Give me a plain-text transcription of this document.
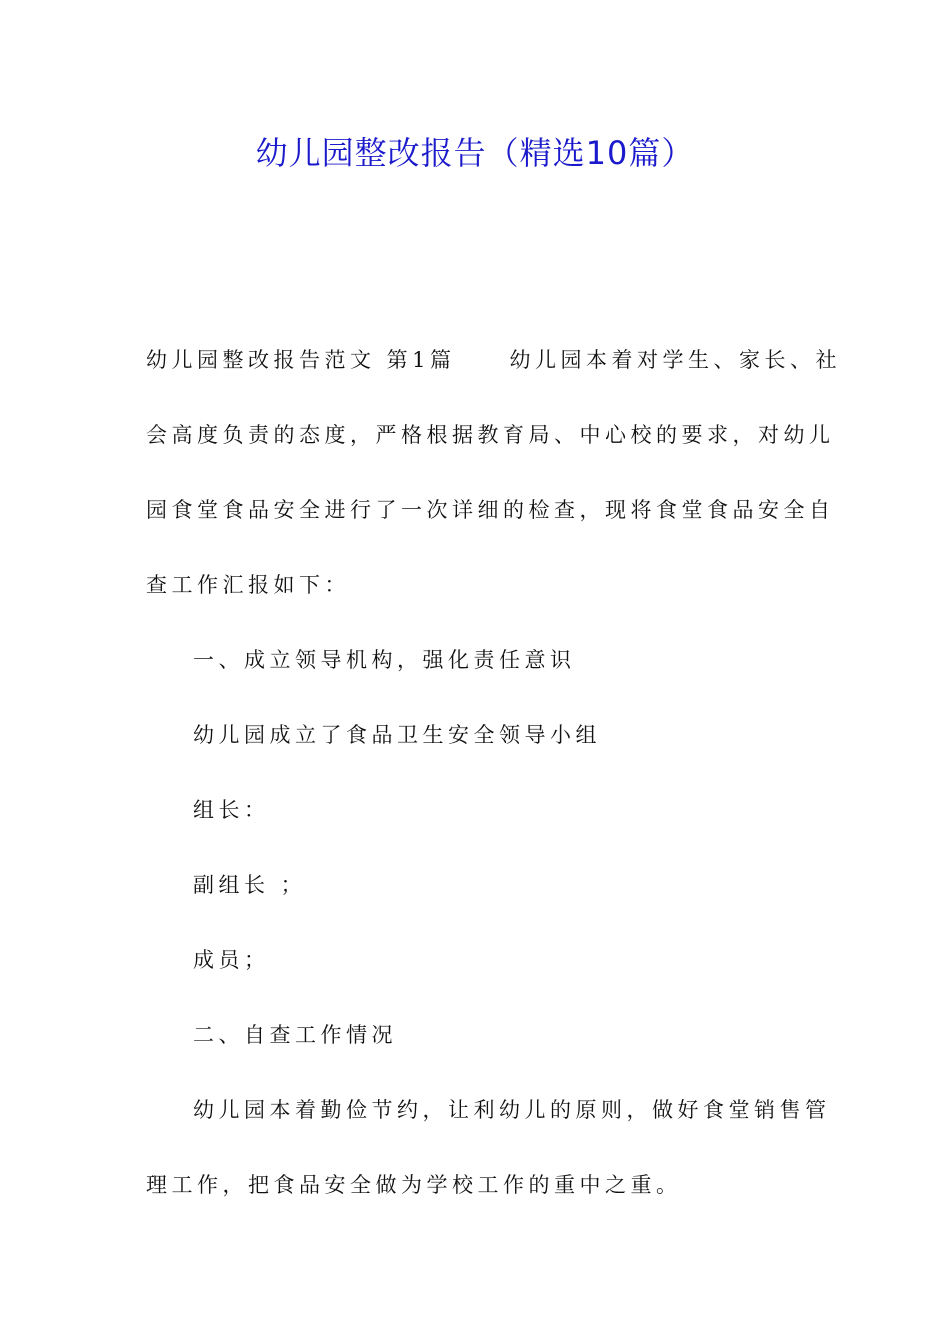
幼儿园整改报告（精选10篇）

幼儿园整改报告范文 第1篇	幼儿园本着对学生、家长、社

会高度负责的态度，严格根据教育局、中心校的要求，对幼儿

园食堂食品安全进行了一次详细的检查，现将食堂食品安全自

查工作汇报如下：

一、成立领导机构，强化责任意识

幼儿园成立了食品卫生安全领导小组

组长：

副组长 ；

成员；

二、自查工作情况

幼儿园本着勤俭节约，让利幼儿的原则，做好食堂销售管

理工作，把食品安全做为学校工作的重中之重。
